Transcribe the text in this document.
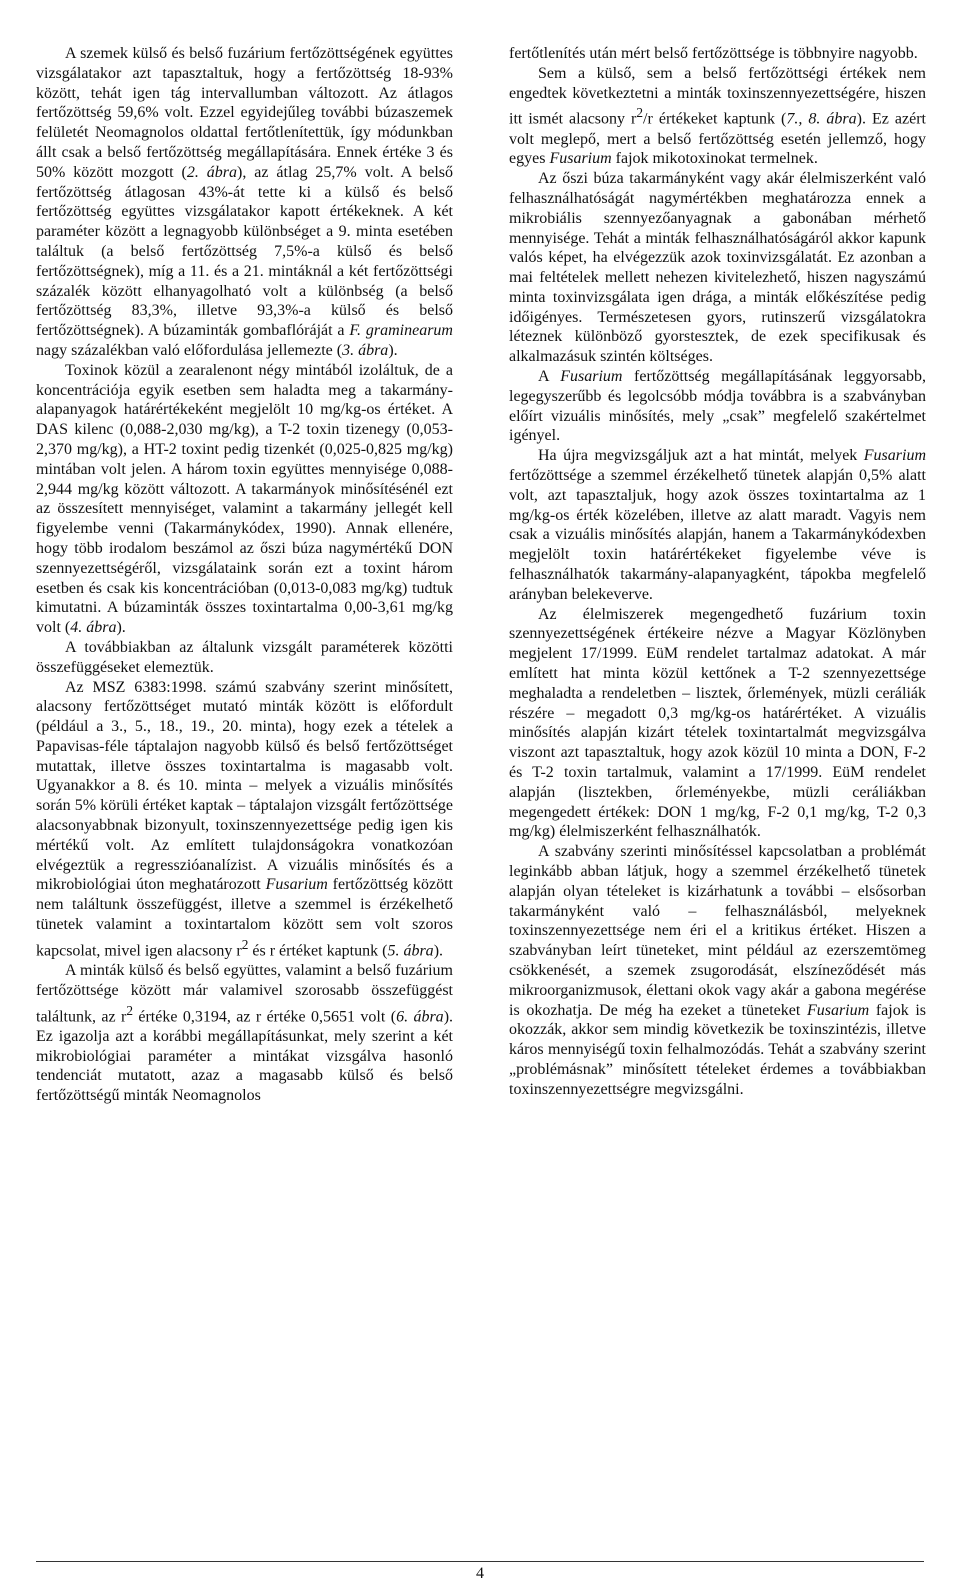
A szemek külső és belső fuzárium fertőzöttségének együttes vizsgálatakor azt tapasztaltuk, hogy a fertőzöttség 18-93% között, tehát igen tág intervallumban változott. Az átlagos fertőzöttség 59,6% volt. Ezzel egyidejűleg további búzaszemek felületét Neomagnolos oldattal fertőtlenítettük, így módunkban állt csak a belső fertőzöttség megállapítására. Ennek értéke 3 és 50% között mozgott (2. ábra), az átlag 25,7% volt. A belső fertőzöttség átlagosan 43%-át tette ki a külső és belső fertőzöttség együttes vizsgálatakor kapott értékeknek. A két paraméter között a legnagyobb különbséget a 9. minta esetében találtuk (a belső fertőzöttség 7,5%-a külső és belső fertőzöttségnek), míg a 11. és a 21. mintáknál a két fertőzöttségi százalék között elhanyagolható volt a különbség (a belső fertőzöttség 83,3%, illetve 93,3%-a külső és belső fertőzöttségnek). A búzaminták gombaflóráját a F. graminearum nagy százalékban való előfordulása jellemezte (3. ábra).

Toxinok közül a zearalenont négy mintából izoláltuk, de a koncentrációja egyik esetben sem haladta meg a takarmány-alapanyagok határértékeként megjelölt 10 mg/kg-os értéket. A DAS kilenc (0,088-2,030 mg/kg), a T-2 toxin tizenegy (0,053-2,370 mg/kg), a HT-2 toxint pedig tizenkét (0,025-0,825 mg/kg) mintában volt jelen. A három toxin együttes mennyisége 0,088-2,944 mg/kg között változott. A takarmányok minősítésénél ezt az összesített mennyiséget, valamint a takarmány jellegét kell figyelembe venni (Takarmánykódex, 1990). Annak ellenére, hogy több irodalom beszámol az őszi búza nagymértékű DON szennyezettségéről, vizsgálataink során ezt a toxint három esetben és csak kis koncentrációban (0,013-0,083 mg/kg) tudtuk kimutatni. A búzaminták összes toxintartalma 0,00-3,61 mg/kg volt (4. ábra).

A továbbiakban az általunk vizsgált paraméterek közötti összefüggéseket elemeztük.

Az MSZ 6383:1998. számú szabvány szerint minősített, alacsony fertőzöttséget mutató minták között is előfordult (például a 3., 5., 18., 19., 20. minta), hogy ezek a tételek a Papavisas-féle táptalajon nagyobb külső és belső fertőzöttséget mutattak, illetve összes toxintartalma is magasabb volt. Ugyanakkor a 8. és 10. minta – melyek a vizuális minősítés során 5% körüli értéket kaptak – táptalajon vizsgált fertőzöttsége alacsonyabbnak bizonyult, toxinszennyezettsége pedig igen kis mértékű volt. Az említett tulajdonságokra vonatkozóan elvégeztük a regresszióanalízist. A vizuális minősítés és a mikrobiológiai úton meghatározott Fusarium fertőzöttség között nem találtunk összefüggést, illetve a szemmel is érzékelhető tünetek valamint a toxintartalom között sem volt szoros kapcsolat, mivel igen alacsony $r^2$ és r értéket kaptunk (5. ábra).

A minták külső és belső együttes, valamint a belső fuzárium fertőzöttsége között már valamivel szorosabb összefüggést találtunk, az $r^2$ értéke 0,3194, az r értéke 0,5651 volt (6. ábra). Ez igazolja azt a korábbi megállapításunkat, mely szerint a két mikrobiológiai paraméter a mintákat vizsgálva hasonló tendenciát mutatott, azaz a magasabb külső és belső fertőzöttségű minták Neomagnolos

fertőtlenítés után mért belső fertőzöttsége is többnyire nagyobb.

Sem a külső, sem a belső fertőzöttségi értékek nem engedtek következtetni a minták toxinszennyezettségére, hiszen itt ismét alacsony $r^2/r$ értékeket kaptunk (7., 8. ábra). Ez azért volt meglepő, mert a belső fertőzöttség esetén jellemző, hogy egyes Fusarium fajok mikotoxinokat termelnek.

Az őszi búza takarmányként vagy akár élelmiszerként való felhasználhatóságát nagymértékben meghatározza ennek a mikrobiális szennyezőanyagnak a gabonában mérhető mennyisége. Tehát a minták felhasználhatóságáról akkor kapunk valós képet, ha elvégezzük azok toxinvizsgálatát. Ez azonban a mai feltételek mellett nehezen kivitelezhető, hiszen nagyszámú minta toxinvizsgálata igen drága, a minták előkészítése pedig időigényes. Természetesen gyors, rutinszerű vizsgálatokra léteznek különböző gyorstesztek, de ezek specifikusak és alkalmazásuk szintén költséges.

A Fusarium fertőzöttség megállapításának leggyorsabb, legegyszerűbb és legolcsóbb módja továbbra is a szabványban előírt vizuális minősítés, mely „csak” megfelelő szakértelmet igényel.

Ha újra megvizsgáljuk azt a hat mintát, melyek Fusarium fertőzöttsége a szemmel érzékelhető tünetek alapján 0,5% alatt volt, azt tapasztaljuk, hogy azok összes toxintartalma az 1 mg/kg-os érték közelében, illetve az alatt maradt. Vagyis nem csak a vizuális minősítés alapján, hanem a Takarmánykódexben megjelölt toxin határértékeket figyelembe véve is felhasználhatók takarmány-alapanyagként, tápokba megfelelő arányban belekeverve.

Az élelmiszerek megengedhető fuzárium toxin szennyezettségének értékeire nézve a Magyar Közlönyben megjelent 17/1999. EüM rendelet tartalmaz adatokat. A már említett hat minta közül kettőnek a T-2 szennyezettsége meghaladta a rendeletben – lisztek, őrlemények, müzli ceráliák részére – megadott 0,3 mg/kg-os határértéket. A vizuális minősítés alapján kizárt tételek toxintartalmát megvizsgálva viszont azt tapasztaltuk, hogy azok közül 10 minta a DON, F-2 és T-2 toxin tartalmuk, valamint a 17/1999. EüM rendelet alapján (lisztekben, őrleményekbe, müzli ceráliákban megengedett értékek: DON 1 mg/kg, F-2 0,1 mg/kg, T-2 0,3 mg/kg) élelmiszerként felhasználhatók.

A szabvány szerinti minősítéssel kapcsolatban a problémát leginkább abban látjuk, hogy a szemmel érzékelhető tünetek alapján olyan tételeket is kizárhatunk a további – elsősorban takarmányként való – felhasználásból, melyeknek toxinszennyezettsége nem éri el a kritikus értéket. Hiszen a szabványban leírt tüneteket, mint például az ezerszemtömeg csökkenését, a szemek zsugorodását, elszíneződését más mikroorganizmusok, élettani okok vagy akár a gabona megérése is okozhatja. De még ha ezeket a tüneteket Fusarium fajok is okozzák, akkor sem mindig következik be toxinszintézis, illetve káros mennyiségű toxin felhalmozódás. Tehát a szabvány szerint „problémásnak” minősített tételeket érdemes a továbbiakban toxinszennyezettségre megvizsgálni.

4
